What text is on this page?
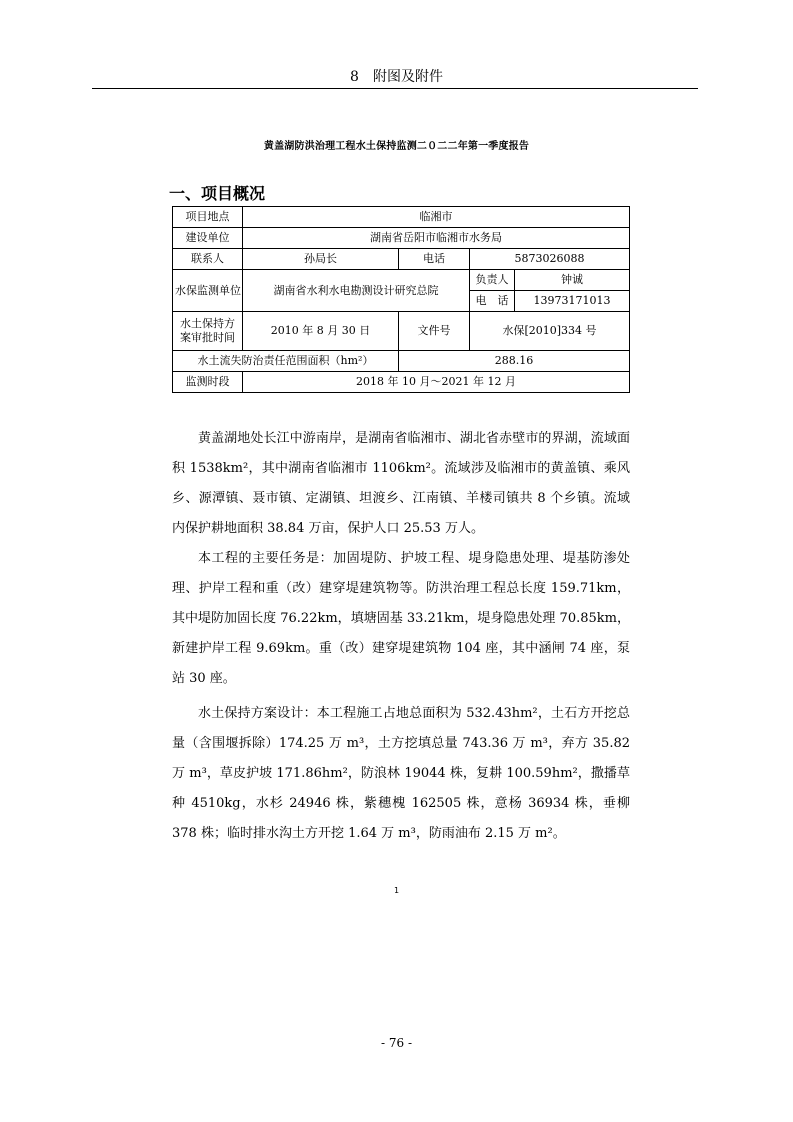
8　附图及附件
黄盖湖防洪治理工程水土保持监测二０二二年第一季度报告
一、项目概况
项目地点	临湘市			
建设单位	湖南省岳阳市临湘市水务局			
联系人	孙局长	电话	5873026088	
水保监测单位	湖南省水利水电勘测设计研究总院		负责人	钟诚
			电　话	13973171013
水土保持方案审批时间	2010 年 8 月 30 日	文件号	水保[2010]334 号	
水土流失防治责任范围面积（hm²）		288.16		
监测时段	2018 年 10 月～2021 年 12 月			

黄盖湖地处长江中游南岸，是湖南省临湘市、湖北省赤壁市的界湖，流域面积 1538km²，其中湖南省临湘市 1106km²。流域涉及临湘市的黄盖镇、乘风乡、源潭镇、聂市镇、定湖镇、坦渡乡、江南镇、羊楼司镇共 8 个乡镇。流域内保护耕地面积 38.84 万亩，保护人口 25.53 万人。

本工程的主要任务是：加固堤防、护坡工程、堤身隐患处理、堤基防渗处理、护岸工程和重（改）建穿堤建筑物等。防洪治理工程总长度 159.71km，其中堤防加固长度 76.22km，填塘固基 33.21km，堤身隐患处理 70.85km，新建护岸工程 9.69km。重（改）建穿堤建筑物 104 座，其中涵闸 74 座，泵站 30 座。

水土保持方案设计：本工程施工占地总面积为 532.43hm²，土石方开挖总量（含围堰拆除）174.25 万 m³，土方挖填总量 743.36 万 m³，弃方 35.82 万 m³，草皮护坡 171.86hm²，防浪林 19044 株，复耕 100.59hm²，撒播草种 4510kg，水杉 24946 株，紫穗槐 162505 株，意杨 36934 株，垂柳 378 株；临时排水沟土方开挖 1.64 万 m³，防雨油布 2.15 万 m²。

1
- 76 -
